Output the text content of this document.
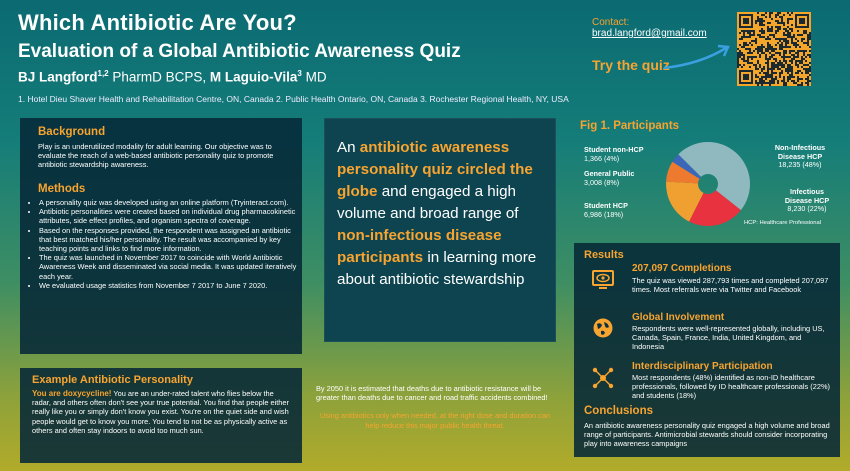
Which Antibiotic Are You?
Evaluation of a Global Antibiotic Awareness Quiz
BJ Langford$^{1,2}$ PharmD BCPS, M Laguio-Vila$^3$ MD
1. Hotel Dieu Shaver Health and Rehabilitation Centre, ON, Canada 2. Public Health Ontario, ON, Canada 3. Rochester Regional Health, NY, USA
Contact:
brad.langford@gmail.com
Try the quiz
Background
Play is an underutilized modality for adult learning. Our objective was to evaluate the reach of a web-based antibiotic personality quiz to promote antibiotic stewardship awareness.
Methods
• A personality quiz was developed using an online platform (Tryinteract.com).
• Antibiotic personalities were created based on individual drug pharmacokinetic attributes, side effect profiles, and organism spectra of coverage.
• Based on the responses provided, the respondent was assigned an antibiotic that best matched his/her personality. The result was accompanied by key teaching points and links to find more information.
• The quiz was launched in November 2017 to coincide with World Antibiotic Awareness Week and disseminated via social media. It was updated iteratively each year.
• We evaluated usage statistics from November 7 2017 to June 7 2020.
An antibiotic awareness personality quiz circled the globe and engaged a high volume and broad range of non-infectious disease participants in learning more about antibiotic stewardship
Fig 1. Participants
Non-Infectious
Disease HCP
18,235 (48%)
Infectious
Disease HCP
8,230 (22%)
Student HCP
6,986 (18%)
General Public
3,008 (8%)
Student non-HCP
1,366 (4%)
HCP: Healthcare Professional
Results
207,097 Completions
The quiz was viewed 287,793 times and completed 207,097 times. Most referrals were via Twitter and Facebook
Global Involvement
Respondents were well-represented globally, including US, Canada, Spain, France, India, United Kingdom, and Indonesia
Interdisciplinary Participation
Most respondents (48%) identified as non-ID healthcare professionals, followed by ID healthcare professionals (22%) and students (18%)
Conclusions
An antibiotic awareness personality quiz engaged a high volume and broad range of participants. Antimicrobial stewards should consider incorporating play into awareness campaigns
Example Antibiotic Personality
You are doxycycline! You are an under-rated talent who flies below the radar, and others often don't see your true potential. You find that people either really like you or simply don't know you exist. You're on the quiet side and wish people would get to know you more. You tend to not be as physically active as others and often stay indoors to avoid too much sun.
By 2050 it is estimated that deaths due to antibiotic resistance will be greater than deaths due to cancer and road traffic accidents combined!
Using antibiotics only when needed, at the right dose and duration can help reduce this major public health threat.
